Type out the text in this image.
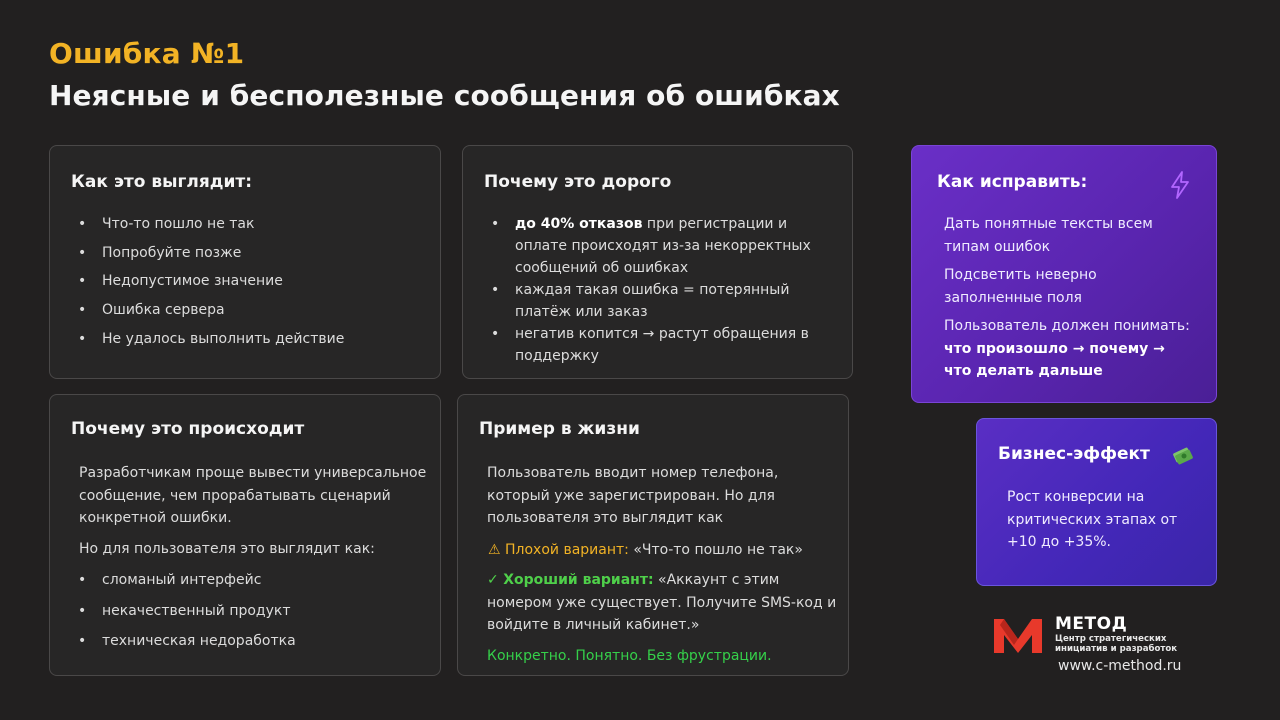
Ошибка №1
Неясные и бесполезные сообщения об ошибках
Как это выглядит:
• Что-то пошло не так
• Попробуйте позже
• Недопустимое значение
• Ошибка сервера
• Не удалось выполнить действие
Почему это дорого
• до 40% отказов при регистрации и оплате происходят из-за некорректных сообщений об ошибках
• каждая такая ошибка = потерянный платёж или заказ
• негатив копится → растут обращения в поддержку
Почему это происходит
Разработчикам проще вывести универсальное сообщение, чем прорабатывать сценарий конкретной ошибки.
Но для пользователя это выглядит как:
• сломаный интерфейс
• некачественный продукт
• техническая недоработка
Пример в жизни
Пользователь вводит номер телефона, который уже зарегистрирован. Но для пользователя это выглядит как
⚠ Плохой вариант: «Что-то пошло не так»
✓ Хороший вариант: «Аккаунт с этим номером уже существует. Получите SMS-код и войдите в личный кабинет.»
Конкретно. Понятно. Без фрустрации.
Как исправить:

Дать понятные тексты всем типам ошибок

Подсветить неверно заполненные поля

Пользователь должен понимать: что произошло → почему → что делать дальше

Бизнес-эффект
Рост конверсии на критических этапах от +10 до +35%.
МЕТОД
Центр стратегических инициатив и разработок
www.c-method.ru
